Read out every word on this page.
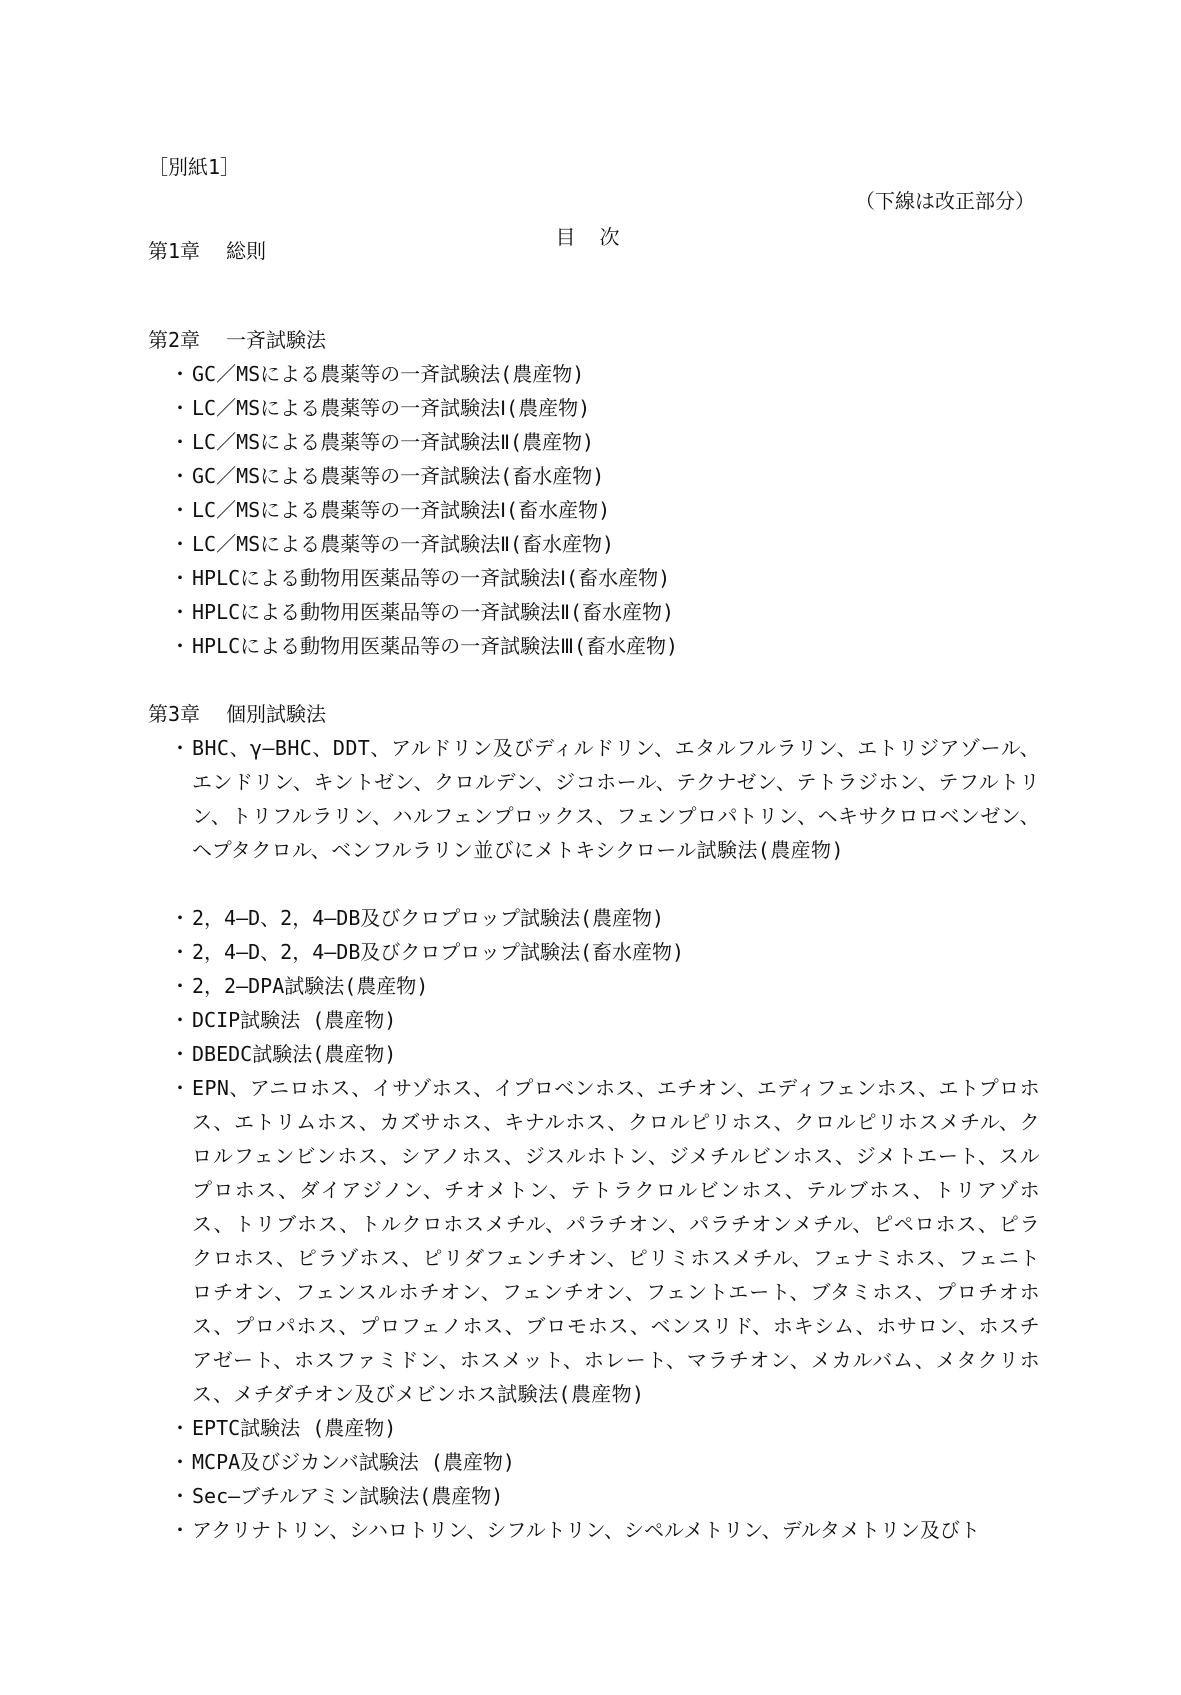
［別紙1］
（下線は改正部分）
目 次
第1章 総則
第2章 一斉試験法
・ GC／MSによる農薬等の一斉試験法(農産物)
・ LC／MSによる農薬等の一斉試験法Ⅰ(農産物)
・ LC／MSによる農薬等の一斉試験法Ⅱ(農産物)
・ GC／MSによる農薬等の一斉試験法(畜水産物)
・ LC／MSによる農薬等の一斉試験法Ⅰ(畜水産物)
・ LC／MSによる農薬等の一斉試験法Ⅱ(畜水産物)
・ HPLCによる動物用医薬品等の一斉試験法Ⅰ(畜水産物)
・ HPLCによる動物用医薬品等の一斉試験法Ⅱ(畜水産物)
・ HPLCによる動物用医薬品等の一斉試験法Ⅲ(畜水産物)
第3章 個別試験法
・ BHC、γ―BHC、DDT、アルドリン及びディルドリン、エタルフルラリン、エトリジアゾール、エンドリン、キントゼン、クロルデン、ジコホール、テクナゼン、テトラジホン、テフルトリン、トリフルラリン、ハルフェンプロックス、フェンプロパトリン、ヘキサクロロベンゼン、ヘプタクロル、ベンフルラリン並びにメトキシクロール試験法(農産物)
・ 2，4―D、2，4―DB及びクロプロップ試験法(農産物)
・ 2，4―D、2，4―DB及びクロプロップ試験法(畜水産物)
・ 2，2―DPA試験法(農産物)
・ DCIP試験法 (農産物)
・ DBEDC試験法(農産物)
・ EPN、アニロホス、イサゾホス、イプロベンホス、エチオン、エディフェンホス、エトプロホス、エトリムホス、カズサホス、キナルホス、クロルピリホス、クロルピリホスメチル、クロルフェンビンホス、シアノホス、ジスルホトン、ジメチルビンホス、ジメトエート、スルプロホス、ダイアジノン、チオメトン、テトラクロルビンホス、テルブホス、トリアゾホス、トリブホス、トルクロホスメチル、パラチオン、パラチオンメチル、ピペロホス、ピラクロホス、ピラゾホス、ピリダフェンチオン、ピリミホスメチル、フェナミホス、フェニトロチオン、フェンスルホチオン、フェンチオン、フェントエート、ブタミホス、プロチオホス、プロパホス、プロフェノホス、ブロモホス、ベンスリド、ホキシム、ホサロン、ホスチアゼート、ホスファミドン、ホスメット、ホレート、マラチオン、メカルバム、メタクリホス、メチダチオン及びメビンホス試験法(農産物)
・ EPTC試験法 (農産物)
・ MCPA及びジカンバ試験法 (農産物)
・ Sec―ブチルアミン試験法(農産物)
・ アクリナトリン、シハロトリン、シフルトリン、シペルメトリン、デルタメトリン及びト
